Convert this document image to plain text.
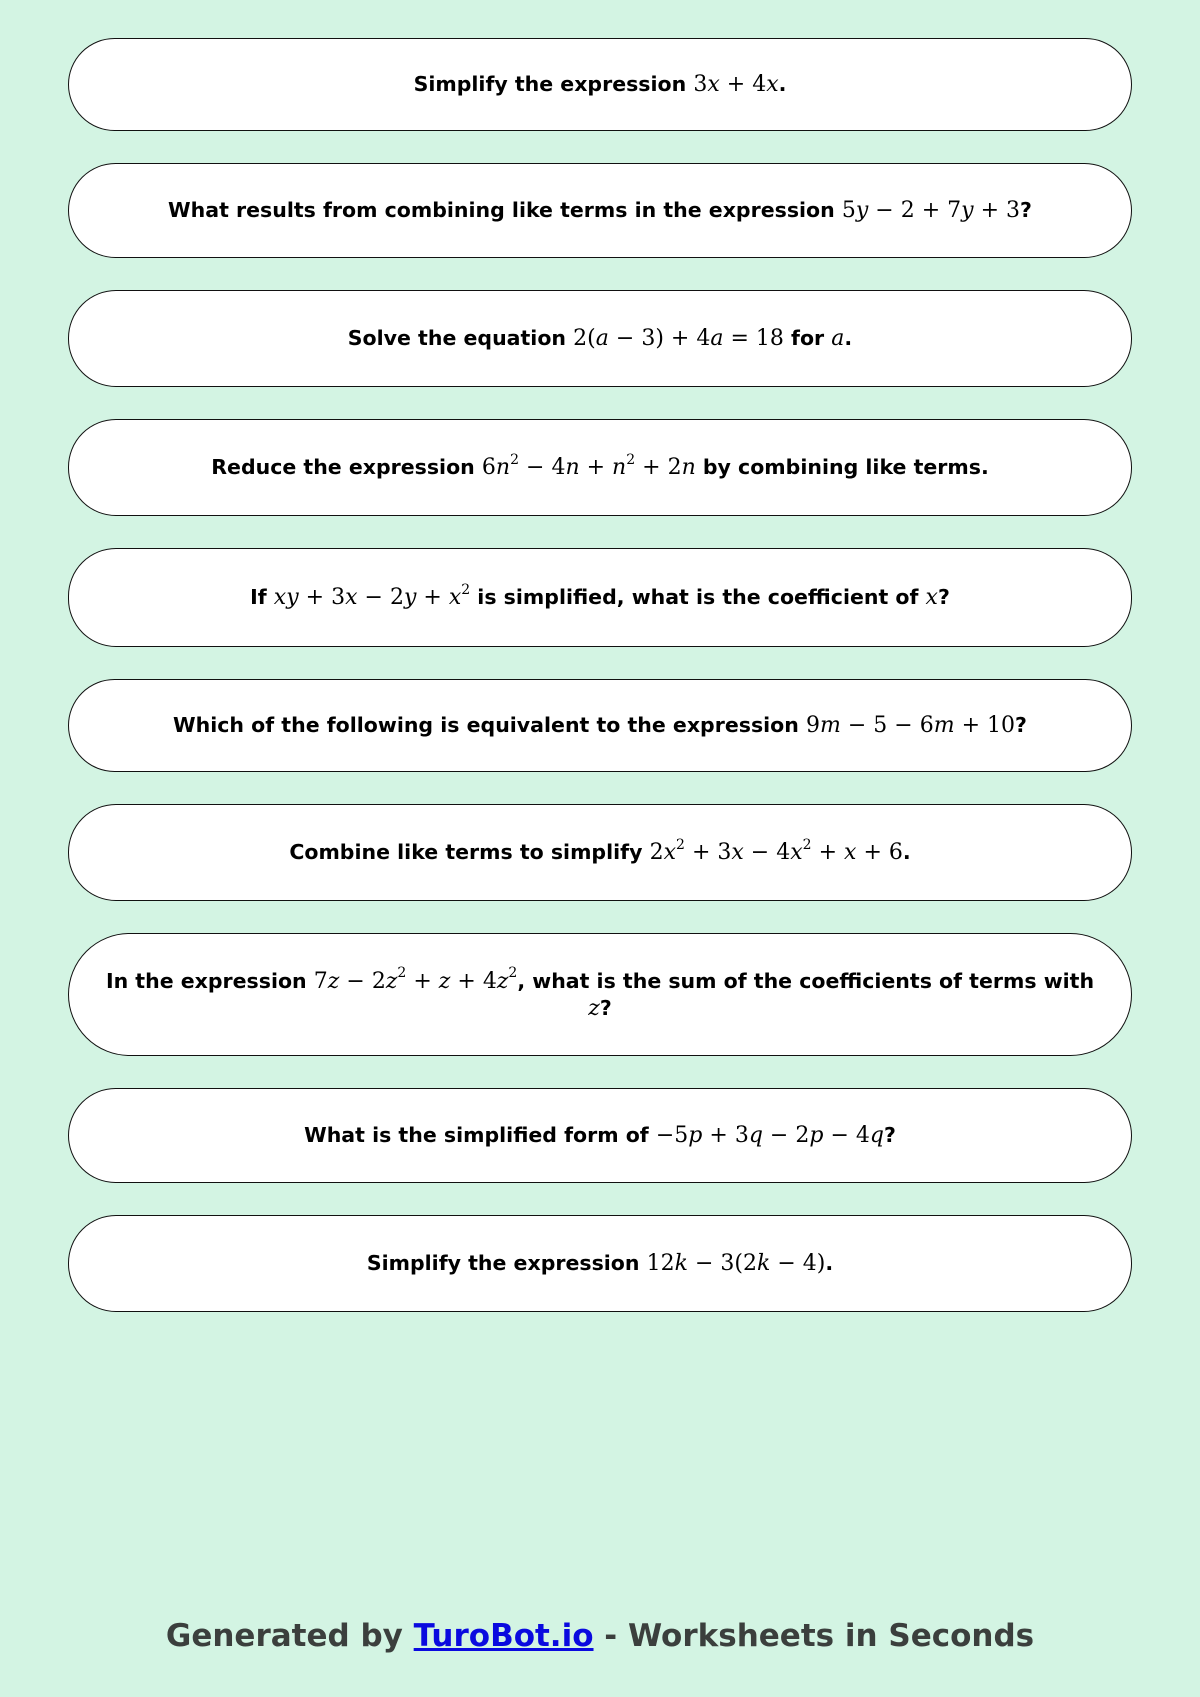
Simplify the expression 3x + 4x.
What results from combining like terms in the expression 5y − 2 + 7y + 3?
Solve the equation 2(a − 3) + 4a = 18 for a.
Reduce the expression $6n^2 - 4n + n^2 + 2n$ by combining like terms.
If xy + $3x - 2y + x^2$ is simplified, what is the coefficient of x?
Which of the following is equivalent to the expression 9m − 5 − 6m + 10?
Combine like terms to simplify $2x^2 + 3x - 4x^2 + x + 6$.
In the expression $7z - 2z^2 + z + 4z^2$, what is the sum of the coefficients of terms with z?
What is the simplified form of −5p + 3q − 2p − 4q?
Simplify the expression 12k − 3(2k − 4).
Generated by TuroBot.io - Worksheets in Seconds
